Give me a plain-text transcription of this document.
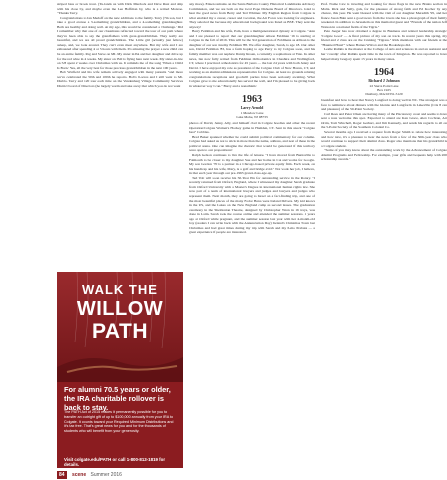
striped bass or brook trout. (Tu-lands us with Dick Murdock and Dave Rust and ship with his close by, and maybe even me Lee Hoffman by, who is a retired Monroe. "Thanks Terry.

Congratulations to Ian Medoff on the new additions to the family. Terry (7m son, but I take a good excuse a 3-something grandchildren, and a 4-something granddaughter. Both are healthy and doing well. At my age, this would be considered a 'challenge.' Did I remember why that one of our classmates reflected toward the tour of our path where they've been able to say the grandfathers with great-grandchildren. They really are beautiful, and we are all proud grandchildren. The Little girl (actually just fellow) asleep, and, we look around. They can't even meet anywhere. But my wife and I are exhausted after spending 4 or 5 hours with them. It's amazing the prayer a new child can be an entire family. Peg and Steve on ML My sister in PA and her daughter and drive up for the red wine in 4 weeks. My sister on ISO is flying here next week. My sister-in-law on 5/8 spent 2 weeks over Christmas with us. It reminds me of the song 'When a Child Is Born.' Yes, all the very best for those precious grandchildren in the next 100 years.

Bob Warfield and his wife remain actively engaged with many pursuits "and more we've celebrated the 50th and 100th he reports. Bob's 6-acres and I still went to Mt. Diablo. Terry and 120 tour each time on the Vandenberg Village Community Services District board of Directors (he largely warm and take away that which you do not want

WALK THE
WILLOW
PATH
For alumni 70.5 years or older, the IRA charitable rollover is back to stay.
The PATH Act of 2015 makes it permanently possible for you to transfer an outright gift of up to $100,000 annually from your IRA to Colgate. It counts toward your Required Minimum Distributions and it's tax free. That's great news for you and for the thousands of students who will benefit from your generosity.
Visit colgate.edu/PATH or call 1-800-813-1819 for details.

any more). Eileen remains on the Santa Barbara County Historical Landmarks Advisory Commission, and we are both on the local Pope Dickens Board of Directors. Glad to hear the good news from Betty and Ted Whitner. My English Region from Colgate is what enabled my a career, career and vocation, the Air Force was looking for engineers. They selected me because my educational background was listed as BSE. They sent me anyway!

Barry Feldman and his wife, Pam, have a multigenerational dynasty at Colgate. "Ann and I are pleased to report that our granddaughter Alison Feldman '16 is starting at Colgate in the fall of 2016. This will be the 3rd generation of Feldmans as Allison is the daughter of our son Jeremy Feldman '88. We offer daughter, Sarah, is age 18. Our other son, David Feldman '83, has a farm hoping to age Perry to try Colgate soon, and his family member was our nephew Danny Rosen, a currently a sophomore at Yale. In other news, Ian now fully retired from Feldman Orthodontics in Cheshire and Wallingford, CT, where I practiced orthodontics for 45 years — the last 24 years with both Jenny and David. I have enjoyed my role as president of the Colgate Club of New Haven, CT, and working as an alumni admissions representative for Colgate. At least no grounds relating congratulations receptions and goodwill parties have been seriously awaiting. What Colgate gave to me educationally has served me well, and I'm pleased to be giving back in whatever way I can." Barry and a nonathletic

1963
Larry Arnold
1 Meadow Lane
Lake Mohe, NJ 08733

photos of David, Jenny, Ally, and himself clad in Colgate hoodies and other the recent Operation/Colgate Women's Hockey game in Hamden, CT. Sent in this snack "Colgate best" Cobbles.

Brad Baker spanned whether he could submit political commentary for our column. Colgate had asked us not to stick in more than the name, address, and zest of these in the political arena. One can imagine the rhetoric that would be generated if this territory were open to our propositions!

Ralph Gelson continues to live the life of leisure. "I have moved from Burnsville to Falmouth to be closer to my daughter Sue and her home in CA and works for Google. My son Gordon '70 is a partner in a Chicago-based private equity firm. Each week, on his handicap and his wife, Mary, is a golf and bridge avid." Not work her job, I believe, in that each year through our pre-1963 grand-class-age-up.

Ted Volt will soon receive his 50-Year Pin for outstanding service in the Rotary. "I recently returned from Oxford, England, where I witnessed my daughter Sarah graduate from Oxford University with a Master's Degree in international human rights law. She now part of a team of international lawyers and judges and lawyers and judges who represent them. Next month, they are going to Israel on a fact-finding trip, and one of the most beautiful places of the many Fodor Hena were Ireland Drivers. My kid knows in the US, and the Lakes on the New England camp as second lasses. The graduation ceremony in the Sheldonian Theatre, designed by Christopher Wren in 16 trays, was done in Latin. Sarah took the course online and attended the summer sessions. 1 years ago at Oxford while pregnant, and the summer session last year with her 4-month-old boy (readers I can write back with the Annunciation Day) Ireland's Christmas Town last Christmas and had great times during my trip with Sarah and my 6-mo Prabuta — a great experience if people are interested.

Prof. Nome Caw is traveling and looking for more flags in the new Brains section in Malta. Rick and Sally, gals, for the pleasure of strong faith and Ed Kocher by any chance, this year. He went blessed with the visit of our daughter Meredith '95, and her fiance Jason Bain sent a good news from the lovers she has a photograph of their family weekend. In addition to Jerusalem on this memorial guest and "Friends of the nation Jeff Watson in a national fields of the Tigris."

Pete Jaeger has now obtained a degree in Business and related leadership strategic 'Colgate Good' — A final picture of my son on track. In recent years this spring, my friend and 2 class are on the Cruising "Tigress." Rick mentions with our friends at the "Haunted Hotel'" where Barnes Wilcox and the Bookshops did.

Leslie Raltkis is the master at the College of Arts and sciences in and an assistant and her 'cowslip' after Raltkis spent time in the town of Kingston. He was reported to have helped many Gregory spent 15 years in many states.

1964
Richard J Johnson
22 Sierra Point Lane
Box 1925
Duxbury, MA 02331-5120

breakfast and how to hear that Nancy Langford is doing well in NC. The strongest was a face to reminisce about dinners with the Glenns and Langfords in Lakeville (Cris 8 can and pleasure) of the 50-Point Society.

Carl Rees and Peter Olsen are having many of the Piscataway coast and seems to have sent a note welcome this spot. Expected to attend are Ken Grace, Alex Cochran, Art Orrin, Tom Winchell, Roger Gerhart, and Jim Kennedy, and sends his regards to all on the 5-Point Society of the Southern Colonial Co.

Several months ago I received a request from Roger Smith to relate how interesting and how nice, it's a pleasure to hear the news from a few of the 50th-year class who would continue to support their alumni class. Roger also mentions that his grandchild is a Colgate student.

"Some of you may know about the outstanding work by the Advancement of Colgate Alumni Programs and Fellowship. For example, your gifts and bequests help with 200 scholarship awards."

84 scene Summer 2016
